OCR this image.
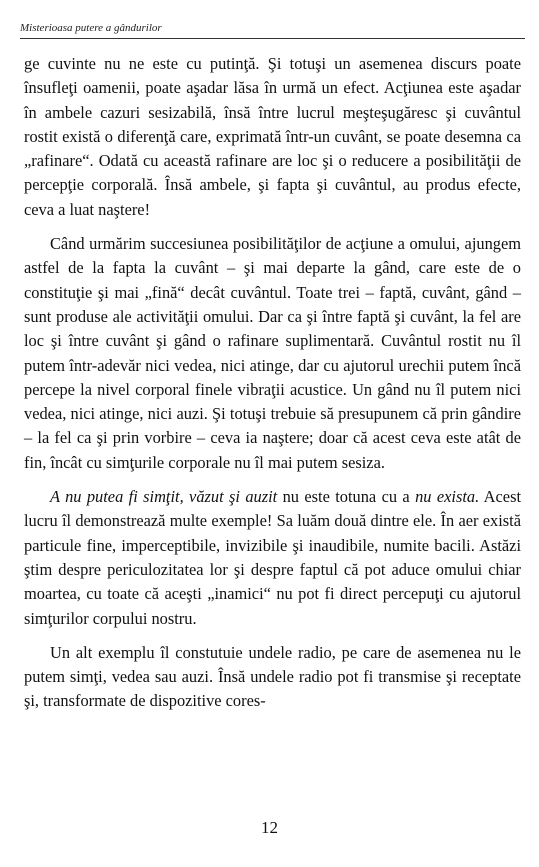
Misterioasa putere a gândurilor

ge cuvinte nu ne este cu putinţă. Şi totuşi un asemenea discurs poate însufleţi oamenii, poate aşadar lăsa în urmă un efect. Acţiunea este aşadar în ambele cazuri sesizabilă, însă între lucrul meşteşugăresc şi cuvântul rostit există o diferenţă care, exprimată într-un cuvânt, se poate desemna ca „rafinare“. Odată cu această rafinare are loc şi o reducere a posibilităţii de percepţie corporală. Însă ambele, şi fapta şi cuvântul, au produs efecte, ceva a luat naştere!

Când urmărim succesiunea posibilităţilor de acţiune a omului, ajungem astfel de la fapta la cuvânt – şi mai departe la gând, care este de o constituţie şi mai „fină“ decât cuvântul. Toate trei – faptă, cuvânt, gând – sunt produse ale activităţii omului. Dar ca şi între faptă şi cuvânt, la fel are loc şi între cuvânt şi gând o rafinare suplimentară. Cuvântul rostit nu îl putem într-adevăr nici vedea, nici atinge, dar cu ajutorul urechii putem încă percepe la nivel corporal finele vibraţii acustice. Un gând nu îl putem nici vedea, nici atinge, nici auzi. Şi totuşi trebuie să presupunem că prin gândire – la fel ca şi prin vorbire – ceva ia naştere; doar că acest ceva este atât de fin, încât cu simţurile corporale nu îl mai putem sesiza.

A nu putea fi simţit, văzut şi auzit nu este totuna cu a nu exista. Acest lucru îl demonstrează multe exemple! Sa luăm două dintre ele. În aer există particule fine, imperceptibile, invizibile şi inaudibile, numite bacili. Astăzi ştim despre periculozitatea lor şi despre faptul că pot aduce omului chiar moartea, cu toate că aceşti „inamici“ nu pot fi direct percepuţi cu ajutorul simţurilor corpului nostru.

Un alt exemplu îl constutuie undele radio, pe care de asemenea nu le putem simţi, vedea sau auzi. Însă undele radio pot fi transmise şi receptate şi, transformate de dispozitive cores-

12
